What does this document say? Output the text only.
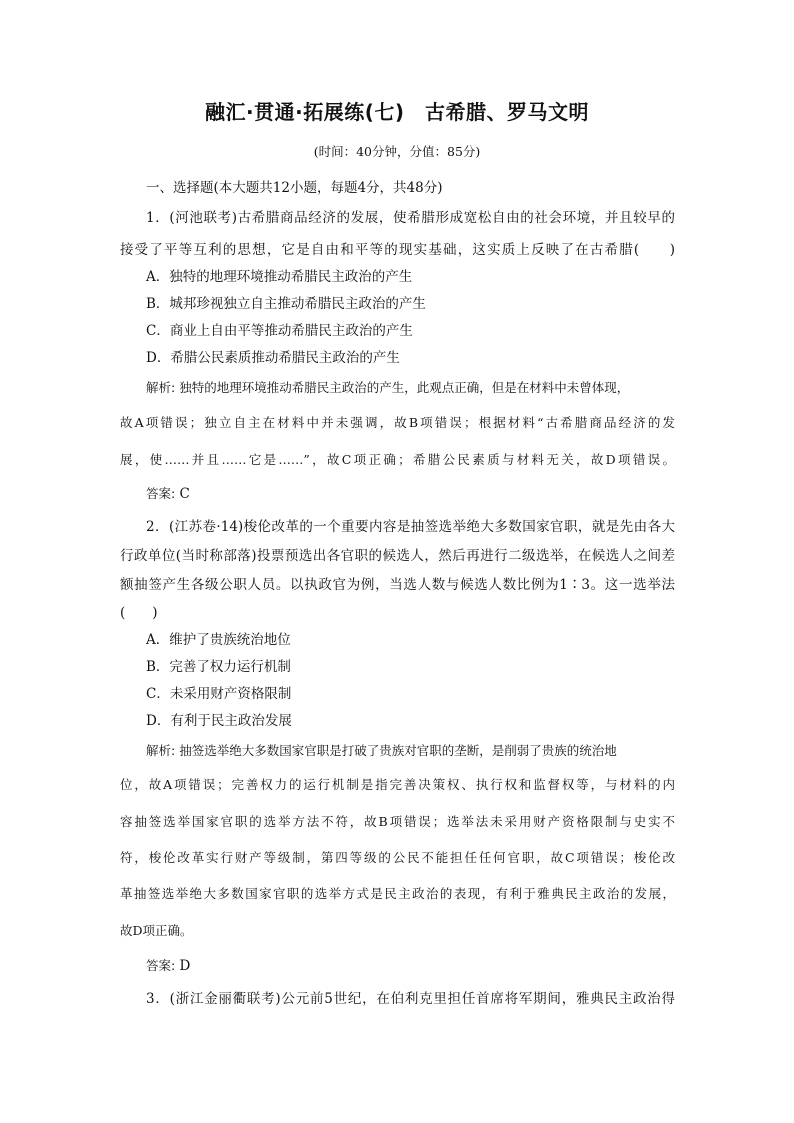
融汇·贯通·拓展练(七)　古希腊、罗马文明
(时间：40分钟，分值：85分)
一、选择题(本大题共12小题，每题4分，共48分)
1．(河池联考)古希腊商品经济的发展，使希腊形成宽松自由的社会环境，并且较早的
接受了平等互利的思想，它是自由和平等的现实基础，这实质上反映了在古希腊(　　)
A．独特的地理环境推动希腊民主政治的产生
B．城邦珍视独立自主推动希腊民主政治的产生
C．商业上自由平等推动希腊民主政治的产生
D．希腊公民素质推动希腊民主政治的产生
解析: 独特的地理环境推动希腊民主政治的产生，此观点正确，但是在材料中未曾体现，
故A项错误；独立自主在材料中并未强调，故B项错误；根据材料“古希腊商品经济的发
展，使……并且……它是……”，故C项正确；希腊公民素质与材料无关，故D项错误。
答案: C
2．(江苏卷·14)梭伦改革的一个重要内容是抽签选举绝大多数国家官职，就是先由各大
行政单位(当时称部落)投票预选出各官职的候选人，然后再进行二级选举，在候选人之间差
额抽签产生各级公职人员。以执政官为例，当选人数与候选人数比例为1∶3。这一选举法
(　　)
A．维护了贵族统治地位
B．完善了权力运行机制
C．未采用财产资格限制
D．有利于民主政治发展
解析: 抽签选举绝大多数国家官职是打破了贵族对官职的垄断，是削弱了贵族的统治地
位，故A项错误；完善权力的运行机制是指完善决策权、执行权和监督权等，与材料的内
容抽签选举国家官职的选举方法不符，故B项错误；选举法未采用财产资格限制与史实不
符，梭伦改革实行财产等级制，第四等级的公民不能担任任何官职，故C项错误；梭伦改
革抽签选举绝大多数国家官职的选举方式是民主政治的表现，有利于雅典民主政治的发展，
故D项正确。
答案: D
3．(浙江金丽衢联考)公元前5世纪，在伯利克里担任首席将军期间，雅典民主政治得
